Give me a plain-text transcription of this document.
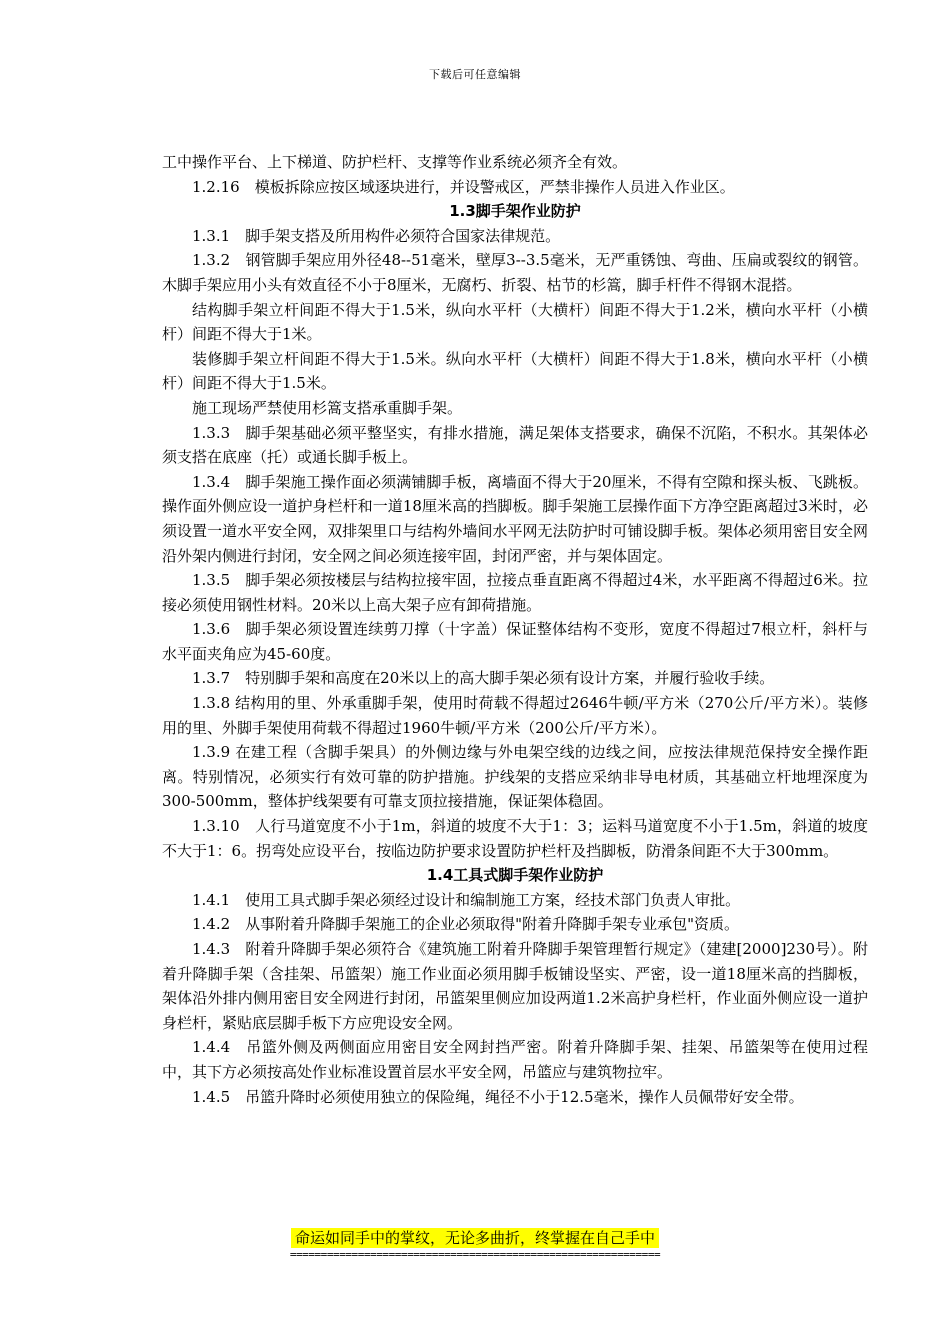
下载后可任意编辑

工中操作平台、上下梯道、防护栏杆、支撑等作业系统必须齐全有效。

1.2.16　模板拆除应按区域逐块进行，并设警戒区，严禁非操作人员进入作业区。

1.3脚手架作业防护

1.3.1　脚手架支搭及所用构件必须符合国家法律规范。

1.3.2　钢管脚手架应用外径48--51毫米，壁厚3--3.5毫米，无严重锈蚀、弯曲、压扁或裂纹的钢管。木脚手架应用小头有效直径不小于8厘米，无腐朽、折裂、枯节的杉篙，脚手杆件不得钢木混搭。

结构脚手架立杆间距不得大于1.5米，纵向水平杆（大横杆）间距不得大于1.2米，横向水平杆（小横杆）间距不得大于1米。

装修脚手架立杆间距不得大于1.5米。纵向水平杆（大横杆）间距不得大于1.8米，横向水平杆（小横杆）间距不得大于1.5米。

施工现场严禁使用杉篙支搭承重脚手架。

1.3.3　脚手架基础必须平整坚实，有排水措施，满足架体支搭要求，确保不沉陷，不积水。其架体必须支搭在底座（托）或通长脚手板上。

1.3.4　脚手架施工操作面必须满铺脚手板，离墙面不得大于20厘米，不得有空隙和探头板、飞跳板。操作面外侧应设一道护身栏杆和一道18厘米高的挡脚板。脚手架施工层操作面下方净空距离超过3米时，必须设置一道水平安全网，双排架里口与结构外墙间水平网无法防护时可铺设脚手板。架体必须用密目安全网沿外架内侧进行封闭，安全网之间必须连接牢固，封闭严密，并与架体固定。

1.3.5　脚手架必须按楼层与结构拉接牢固，拉接点垂直距离不得超过4米，水平距离不得超过6米。拉接必须使用钢性材料。20米以上高大架子应有卸荷措施。

1.3.6　脚手架必须设置连续剪刀撑（十字盖）保证整体结构不变形，宽度不得超过7根立杆，斜杆与水平面夹角应为45-60度。

1.3.7　特别脚手架和高度在20米以上的高大脚手架必须有设计方案，并履行验收手续。

1.3.8 结构用的里、外承重脚手架，使用时荷载不得超过2646牛顿/平方米（270公斤/平方米）。装修用的里、外脚手架使用荷载不得超过1960牛顿/平方米（200公斤/平方米）。

1.3.9 在建工程（含脚手架具）的外侧边缘与外电架空线的边线之间，应按法律规范保持安全操作距离。特别情况，必须实行有效可靠的防护措施。护线架的支搭应采纳非导电材质，其基础立杆地埋深度为300-500mm，整体护线架要有可靠支顶拉接措施，保证架体稳固。

1.3.10　人行马道宽度不小于1m，斜道的坡度不大于1：3；运料马道宽度不小于1.5m，斜道的坡度不大于1：6。拐弯处应设平台，按临边防护要求设置防护栏杆及挡脚板，防滑条间距不大于300mm。

1.4工具式脚手架作业防护

1.4.1　使用工具式脚手架必须经过设计和编制施工方案，经技术部门负责人审批。

1.4.2　从事附着升降脚手架施工的企业必须取得"附着升降脚手架专业承包"资质。

1.4.3　附着升降脚手架必须符合《建筑施工附着升降脚手架管理暂行规定》（建建[2000]230号）。附着升降脚手架（含挂架、吊篮架）施工作业面必须用脚手板铺设坚实、严密，设一道18厘米高的挡脚板，架体沿外排内侧用密目安全网进行封闭，吊篮架里侧应加设两道1.2米高护身栏杆，作业面外侧应设一道护身栏杆，紧贴底层脚手板下方应兜设安全网。

1.4.4　吊篮外侧及两侧面应用密目安全网封挡严密。附着升降脚手架、挂架、吊篮架等在使用过程中，其下方必须按高处作业标准设置首层水平安全网，吊篮应与建筑物拉牢。

1.4.5　吊篮升降时必须使用独立的保险绳，绳径不小于12.5毫米，操作人员佩带好安全带。

命运如同手中的掌纹，无论多曲折，终掌握在自己手中
============================================================
